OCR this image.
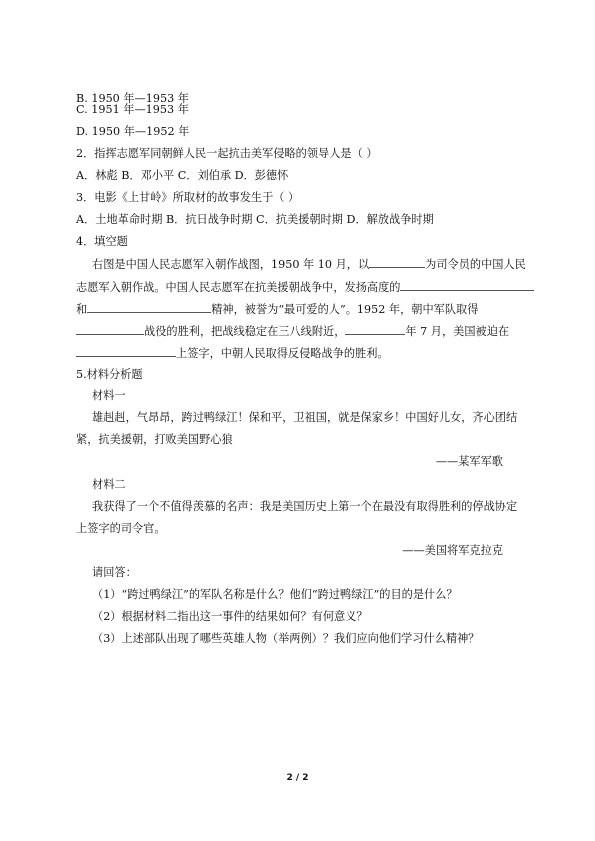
B. 1950 年—1953 年
C. 1951 年—1953 年
D. 1950 年—1952 年
2．指挥志愿军同朝鲜人民一起抗击美军侵略的领导人是（ ）
A．林彪 B．邓小平 C．刘伯承 D．彭德怀
3．电影《上甘岭》所取材的故事发生于（ ）
A．土地革命时期 B．抗日战争时期 C．抗美援朝时期 D．解放战争时期
4．填空题
右图是中国人民志愿军入朝作战图，1950 年 10 月，以	为司令员的中国人民
志愿军入朝作战。中国人民志愿军在抗美援朝战争中，发扬高度的
和	精神，被誉为“最可爱的人”。1952 年，朝中军队取得
战役的胜利，把战线稳定在三八线附近，	年 7 月，美国被迫在
上签字，中朝人民取得反侵略战争的胜利。
5.材料分析题
材料一
雄赳赳，气昂昂，跨过鸭绿江！保和平，卫祖国，就是保家乡！中国好儿女，齐心团结
紧，抗美援朝，打败美国野心狼
——某军军歌
材料二
我获得了一个不值得羡慕的名声：我是美国历史上第一个在最没有取得胜利的停战协定
上签字的司令官。
——美国将军克拉克
请回答：
（1）“跨过鸭绿江”的军队名称是什么？他们“跨过鸭绿江”的目的是什么？
（2）根据材料二指出这一事件的结果如何？有何意义？
（3）上述部队出现了哪些英雄人物（举两例）？我们应向他们学习什么精神？
2 / 2
